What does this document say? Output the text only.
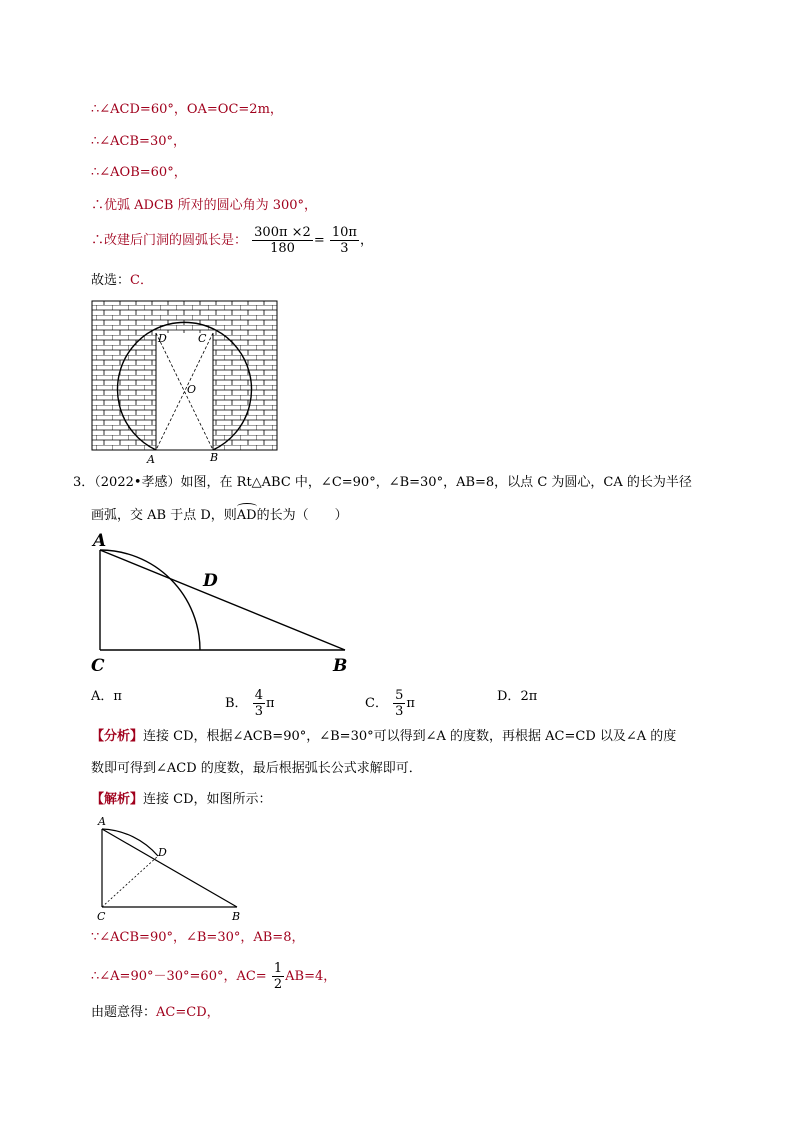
∴∠ACD=60°，OA=OC=2m，
∴∠ACB=30°，
∴∠AOB=60°，
∴优弧 ADCB 所对的圆心角为 300°，
∴改建后门洞的圆弧长是： $\frac{300\pi \times 2}{180} = \frac{10\pi}{3}$ ，
故选：C．
D	C
O
A	B
3．（2022•孝感）如图，在 Rt△ABC 中，∠C=90°，∠B=30°，AB=8，以点 C 为圆心，CA 的长为半径
画弧，交 AB 于点 D，则AD的长为（　　）
A
D
C	B
A．π	B． $\frac{4}{3}$ π	C． $\frac{5}{3}$ π	D．2π
【分析】连接 CD，根据∠ACB=90°，∠B=30°可以得到∠A 的度数，再根据 AC=CD 以及∠A 的度
数即可得到∠ACD 的度数，最后根据弧长公式求解即可．
【解析】连接 CD，如图所示：
A
D
C	B
∵∠ACB=90°，∠B=30°，AB=8，
∴∠A=90°－30°=60°，$AC= \frac{1}{2} AB=4$，
由题意得：AC=CD，
